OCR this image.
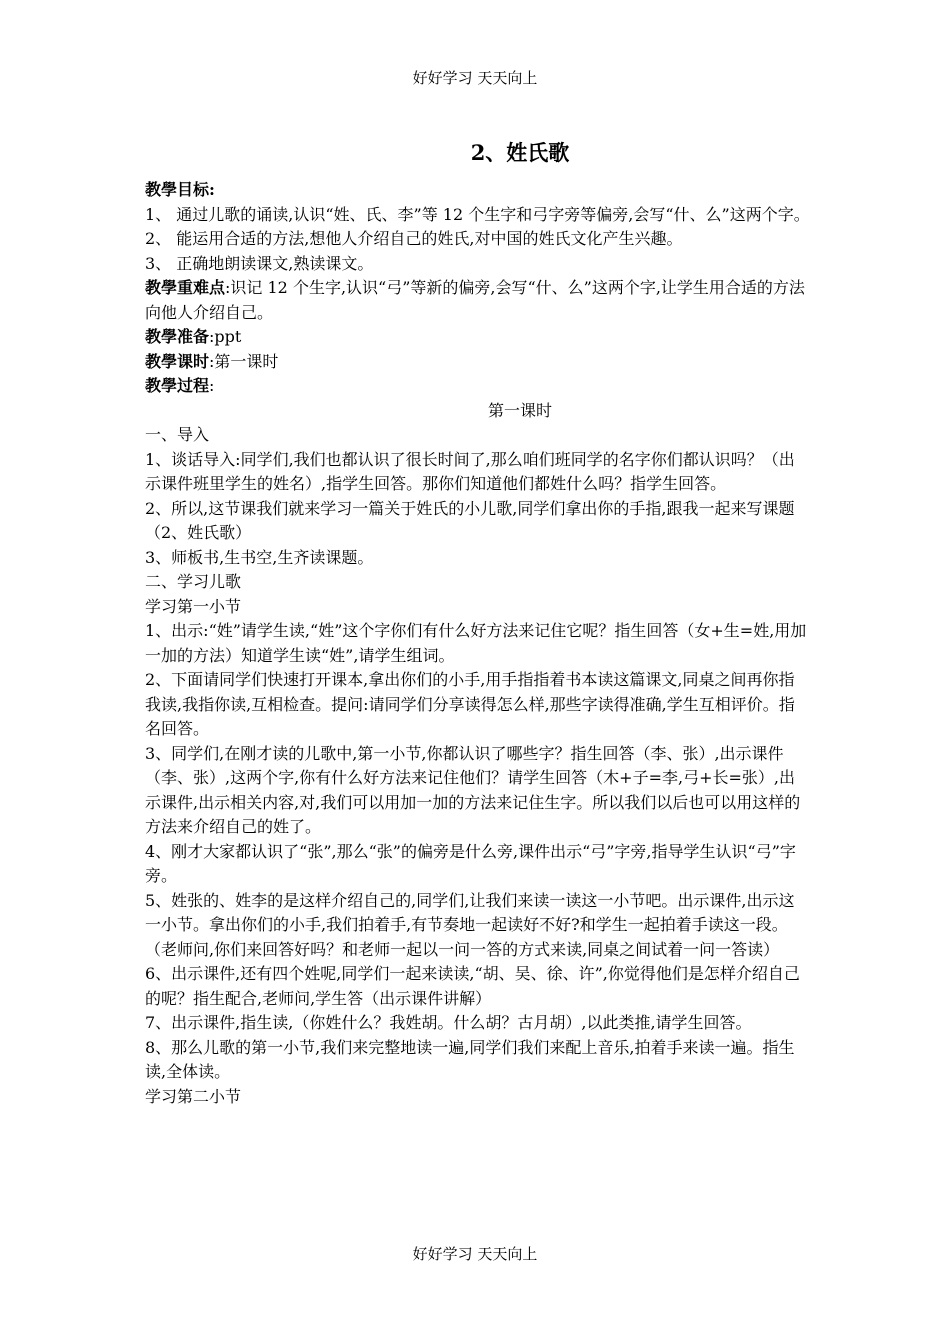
好好学习 天天向上
2、姓氏歌
教學目标:
1、 通过儿歌的诵读,认识“姓、氏、李”等 12 个生字和弓字旁等偏旁,会写“什、么”这两个字。
2、 能运用合适的方法,想他人介绍自己的姓氏,对中国的姓氏文化产生兴趣。
3、 正确地朗读课文,熟读课文。
教學重难点:识记 12 个生字,认识“弓”等新的偏旁,会写“什、么”这两个字,让学生用合适的方法向他人介绍自己。
教學准备:ppt
教學课时:第一课时
教學过程:
第一课时
一、导入
1、谈话导入:同学们,我们也都认识了很长时间了,那么咱们班同学的名字你们都认识吗？（出示课件班里学生的姓名）,指学生回答。那你们知道他们都姓什么吗？指学生回答。
2、所以,这节课我们就来学习一篇关于姓氏的小儿歌,同学们拿出你的手指,跟我一起来写课题（2、姓氏歌）
3、师板书,生书空,生齐读课题。
二、学习儿歌
学习第一小节
1、出示:“姓”请学生读,“姓”这个字你们有什么好方法来记住它呢？指生回答（女+生=姓,用加一加的方法）知道学生读“姓”,请学生组词。
2、下面请同学们快速打开课本,拿出你们的小手,用手指指着书本读这篇课文,同桌之间再你指我读,我指你读,互相检查。提问:请同学们分享读得怎么样,那些字读得准确,学生互相评价。指名回答。
3、同学们,在刚才读的儿歌中,第一小节,你都认识了哪些字？指生回答（李、张）,出示课件（李、张）,这两个字,你有什么好方法来记住他们？请学生回答（木+子=李,弓+长=张）,出示课件,出示相关内容,对,我们可以用加一加的方法来记住生字。所以我们以后也可以用这样的方法来介绍自己的姓了。
4、刚才大家都认识了“张”,那么“张”的偏旁是什么旁,课件出示“弓”字旁,指导学生认识“弓”字旁。
5、姓张的、姓李的是这样介绍自己的,同学们,让我们来读一读这一小节吧。出示课件,出示这一小节。拿出你们的小手,我们拍着手,有节奏地一起读好不好?和学生一起拍着手读这一段。（老师问,你们来回答好吗？和老师一起以一问一答的方式来读,同桌之间试着一问一答读）
6、出示课件,还有四个姓呢,同学们一起来读读,“胡、吴、徐、许”,你觉得他们是怎样介绍自己的呢？指生配合,老师问,学生答（出示课件讲解）
7、出示课件,指生读,（你姓什么？我姓胡。什么胡？古月胡）,以此类推,请学生回答。
8、那么儿歌的第一小节,我们来完整地读一遍,同学们我们来配上音乐,拍着手来读一遍。指生读,全体读。
学习第二小节
好好学习 天天向上
